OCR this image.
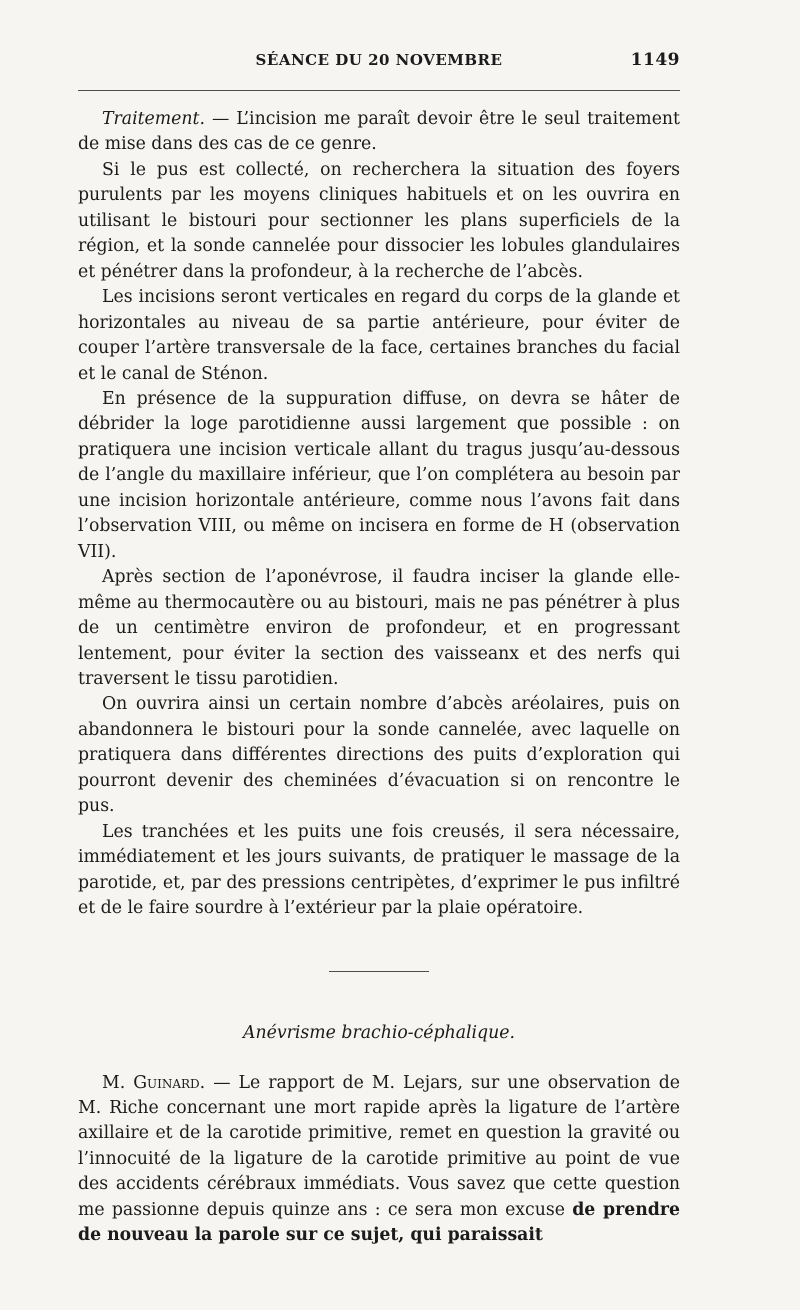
SÉANCE DU 20 NOVEMBRE	1149

Traitement. — L’incision me paraît devoir être le seul traitement de mise dans des cas de ce genre.

Si le pus est collecté, on recherchera la situation des foyers purulents par les moyens cliniques habituels et on les ouvrira en utilisant le bistouri pour sectionner les plans superficiels de la région, et la sonde cannelée pour dissocier les lobules glandulaires et pénétrer dans la profondeur, à la recherche de l’abcès.

Les incisions seront verticales en regard du corps de la glande et horizontales au niveau de sa partie antérieure, pour éviter de couper l’artère transversale de la face, certaines branches du facial et le canal de Sténon.

En présence de la suppuration diffuse, on devra se hâter de débrider la loge parotidienne aussi largement que possible : on pratiquera une incision verticale allant du tragus jusqu’au-dessous de l’angle du maxillaire inférieur, que l’on complétera au besoin par une incision horizontale antérieure, comme nous l’avons fait dans l’observation VIII, ou même on incisera en forme de H (observation VII).

Après section de l’aponévrose, il faudra inciser la glande elle-même au thermocautère ou au bistouri, mais ne pas pénétrer à plus de un centimètre environ de profondeur, et en progressant lentement, pour éviter la section des vaisseanx et des nerfs qui traversent le tissu parotidien.

On ouvrira ainsi un certain nombre d’abcès aréolaires, puis on abandonnera le bistouri pour la sonde cannelée, avec laquelle on pratiquera dans différentes directions des puits d’exploration qui pourront devenir des cheminées d’évacuation si on rencontre le pus.

Les tranchées et les puits une fois creusés, il sera nécessaire, immédiatement et les jours suivants, de pratiquer le massage de la parotide, et, par des pressions centripètes, d’exprimer le pus infiltré et de le faire sourdre à l’extérieur par la plaie opératoire.

Anévrisme brachio-céphalique.

M. Guinard. — Le rapport de M. Lejars, sur une observation de M. Riche concernant une mort rapide après la ligature de l’artère axillaire et de la carotide primitive, remet en question la gravité ou l’innocuité de la ligature de la carotide primitive au point de vue des accidents cérébraux immédiats. Vous savez que cette question me passionne depuis quinze ans : ce sera mon excuse de prendre de nouveau la parole sur ce sujet, qui paraissait
